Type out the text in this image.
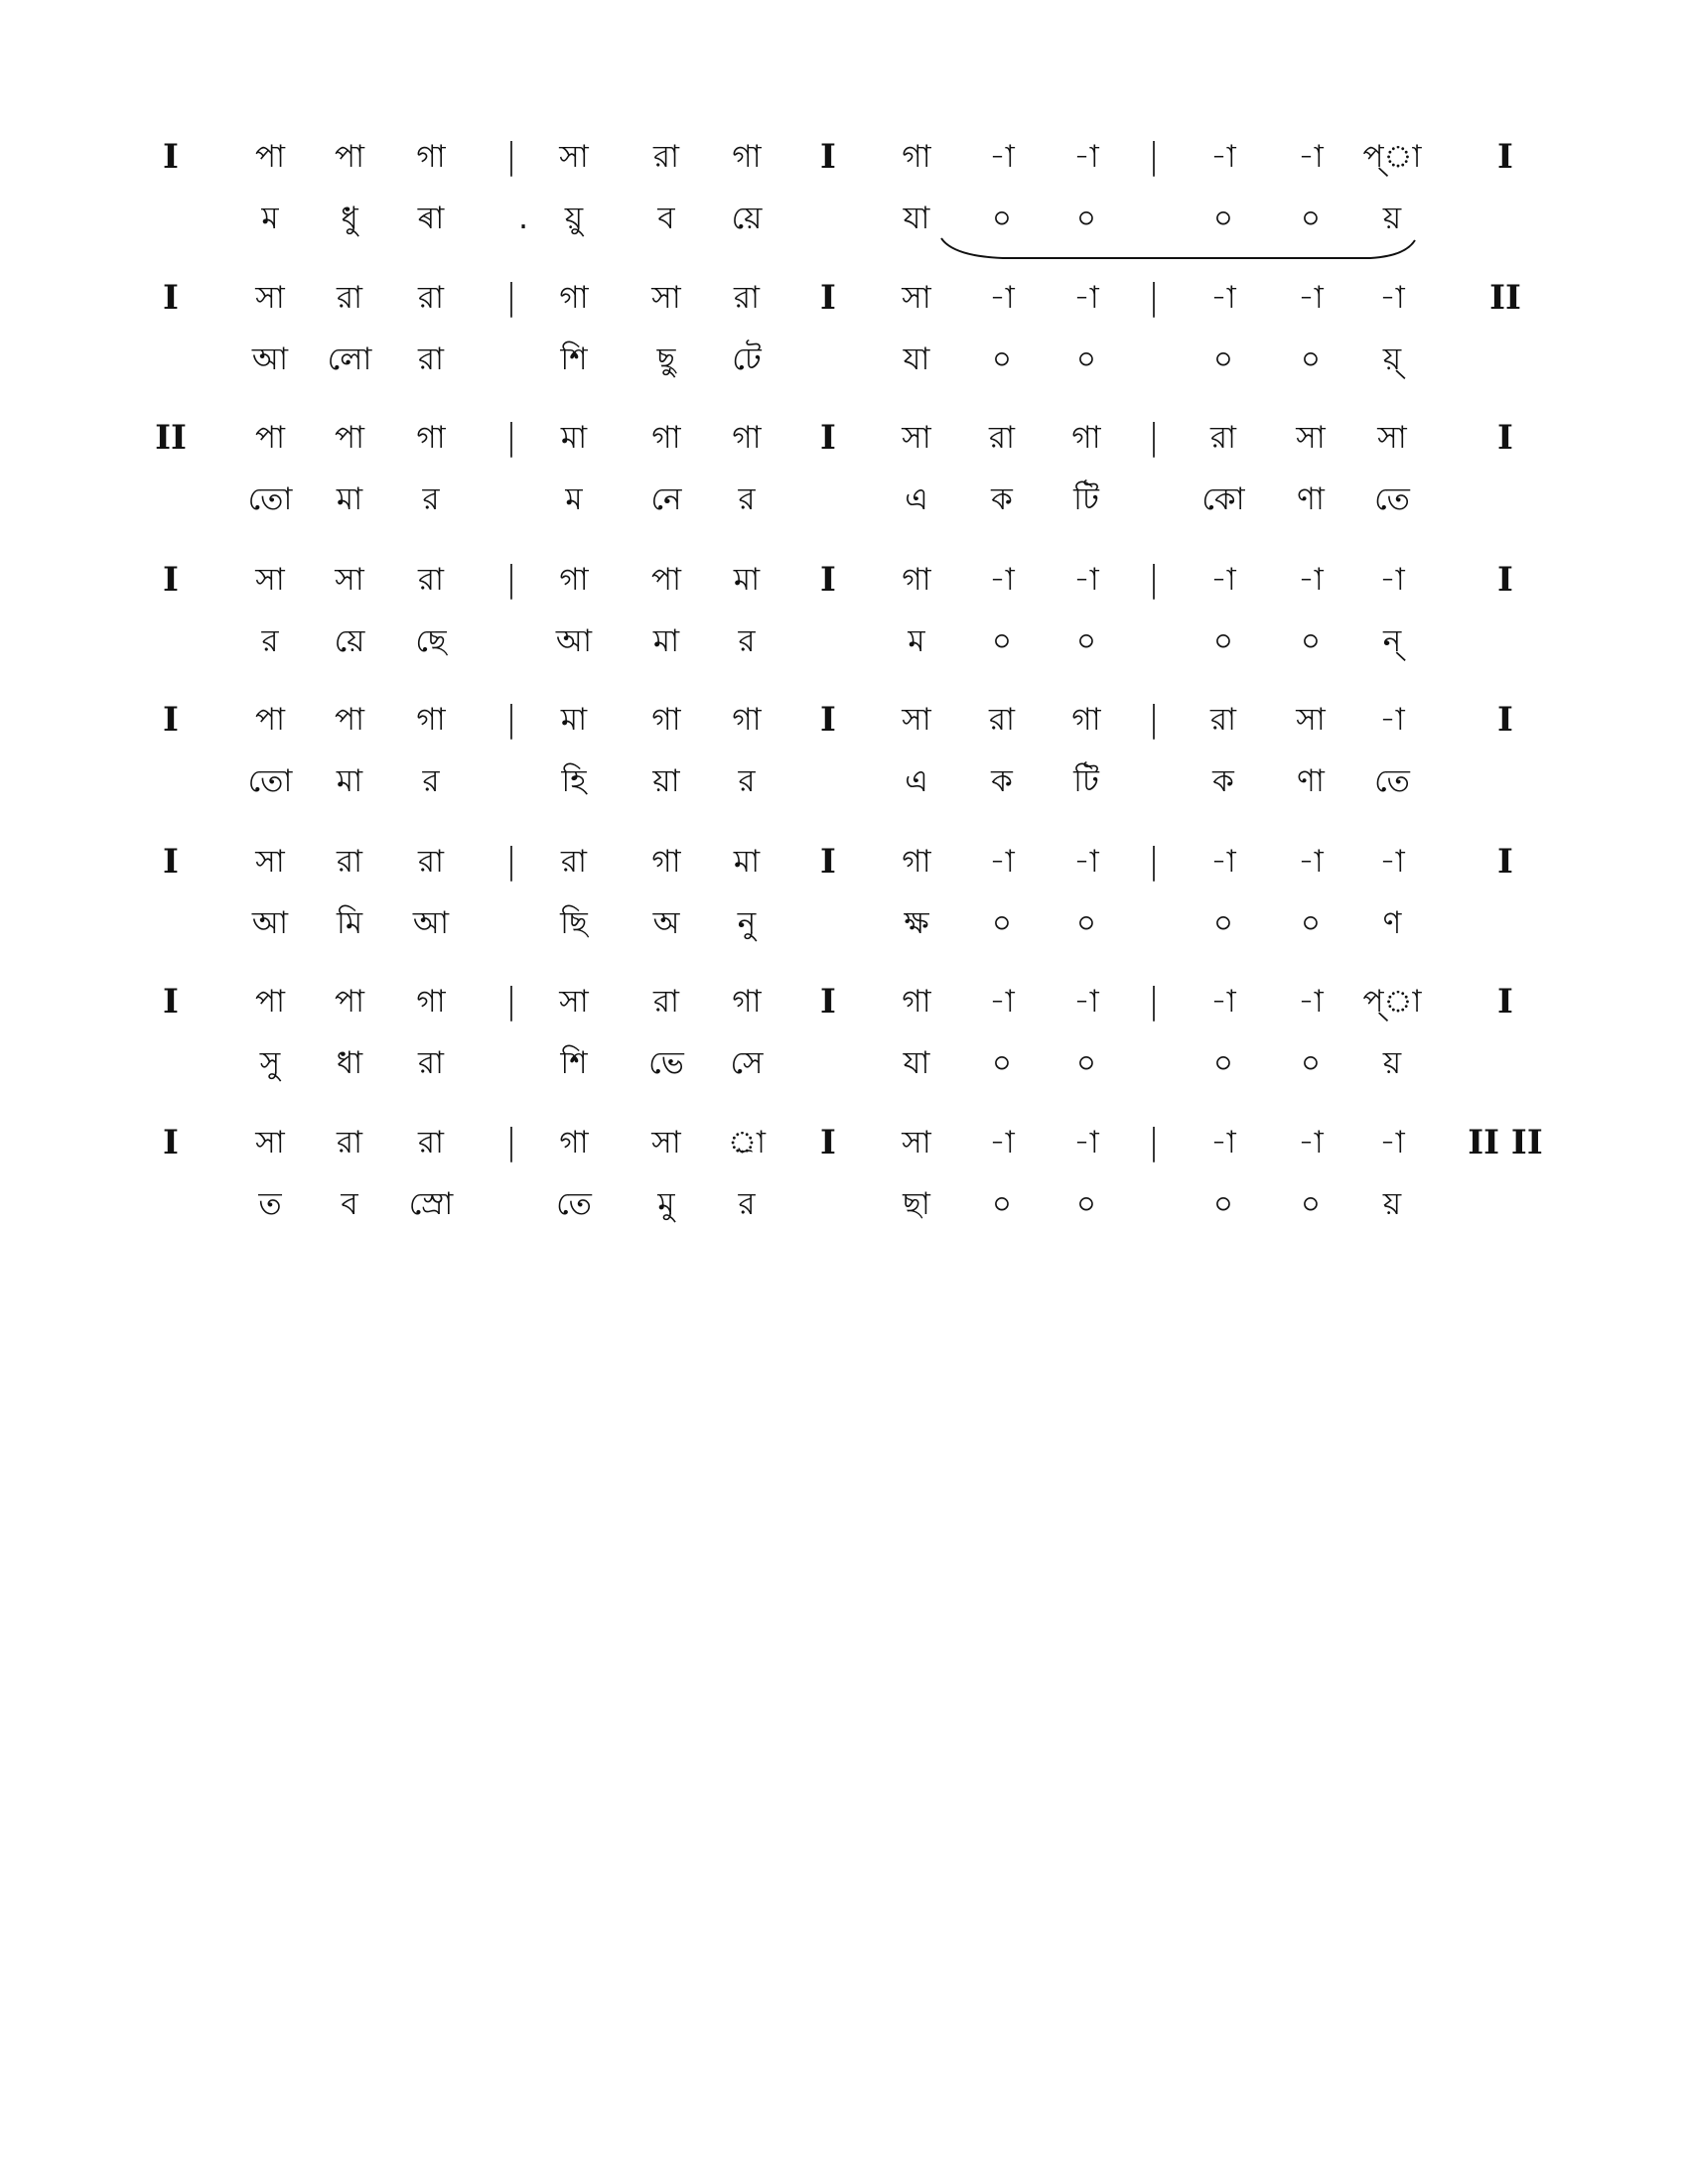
I	পা	পা	গা	|	সা	রা	গা	I	গা	-া	-া	|	-া	-া	প্া	I
ম	ধু	ৰা	.	য়ু	ব	য়ে	যা	০	০	০	০	য়
I	সা	রা	রা	|	গা	সা	রা	I	সা	-া	-া	|	-া	-া	-া	II
আ	লো	রা	শি	ছু	টে	যা	০	০	০	০	য়্
II	পা	পা	গা	|	মা	গা	গা	I	সা	রা	গা	|	রা	সা	সা	I
তো	মা	র	ম	নে	র	এ	ক	টি	কো	ণা	তে
I	সা	সা	রা	|	গা	পা	মা	I	গা	-া	-া	|	-া	-া	-া	I
র	য়ে	ছে	আ	মা	র	ম	০	০	০	০	ন্
I	পা	পা	গা	|	মা	গা	গা	I	সা	রা	গা	|	রা	সা	-া	I
তো	মা	র	হি	য়া	র	এ	ক	টি	ক	ণা	তে
I	সা	রা	রা	|	রা	গা	মা	I	গা	-া	-া	|	-া	-া	-া	I
আ	মি	আ	ছি	অ	নু	ক্ষ	০	০	০	০	ণ
I	পা	পা	গা	|	সা	রা	গা	I	গা	-া	-া	|	-া	-া	প্া	I
সু	ধা	রা	শি	ভে	সে	যা	০	০	০	০	য়
I	সা	রা	রা	|	গা	সা	র্া	I	সা	-া	-া	|	-া	-া	-া	II II
ত	ব	স্রো	তে	মু	র	ছা	০	০	০	০	য়
